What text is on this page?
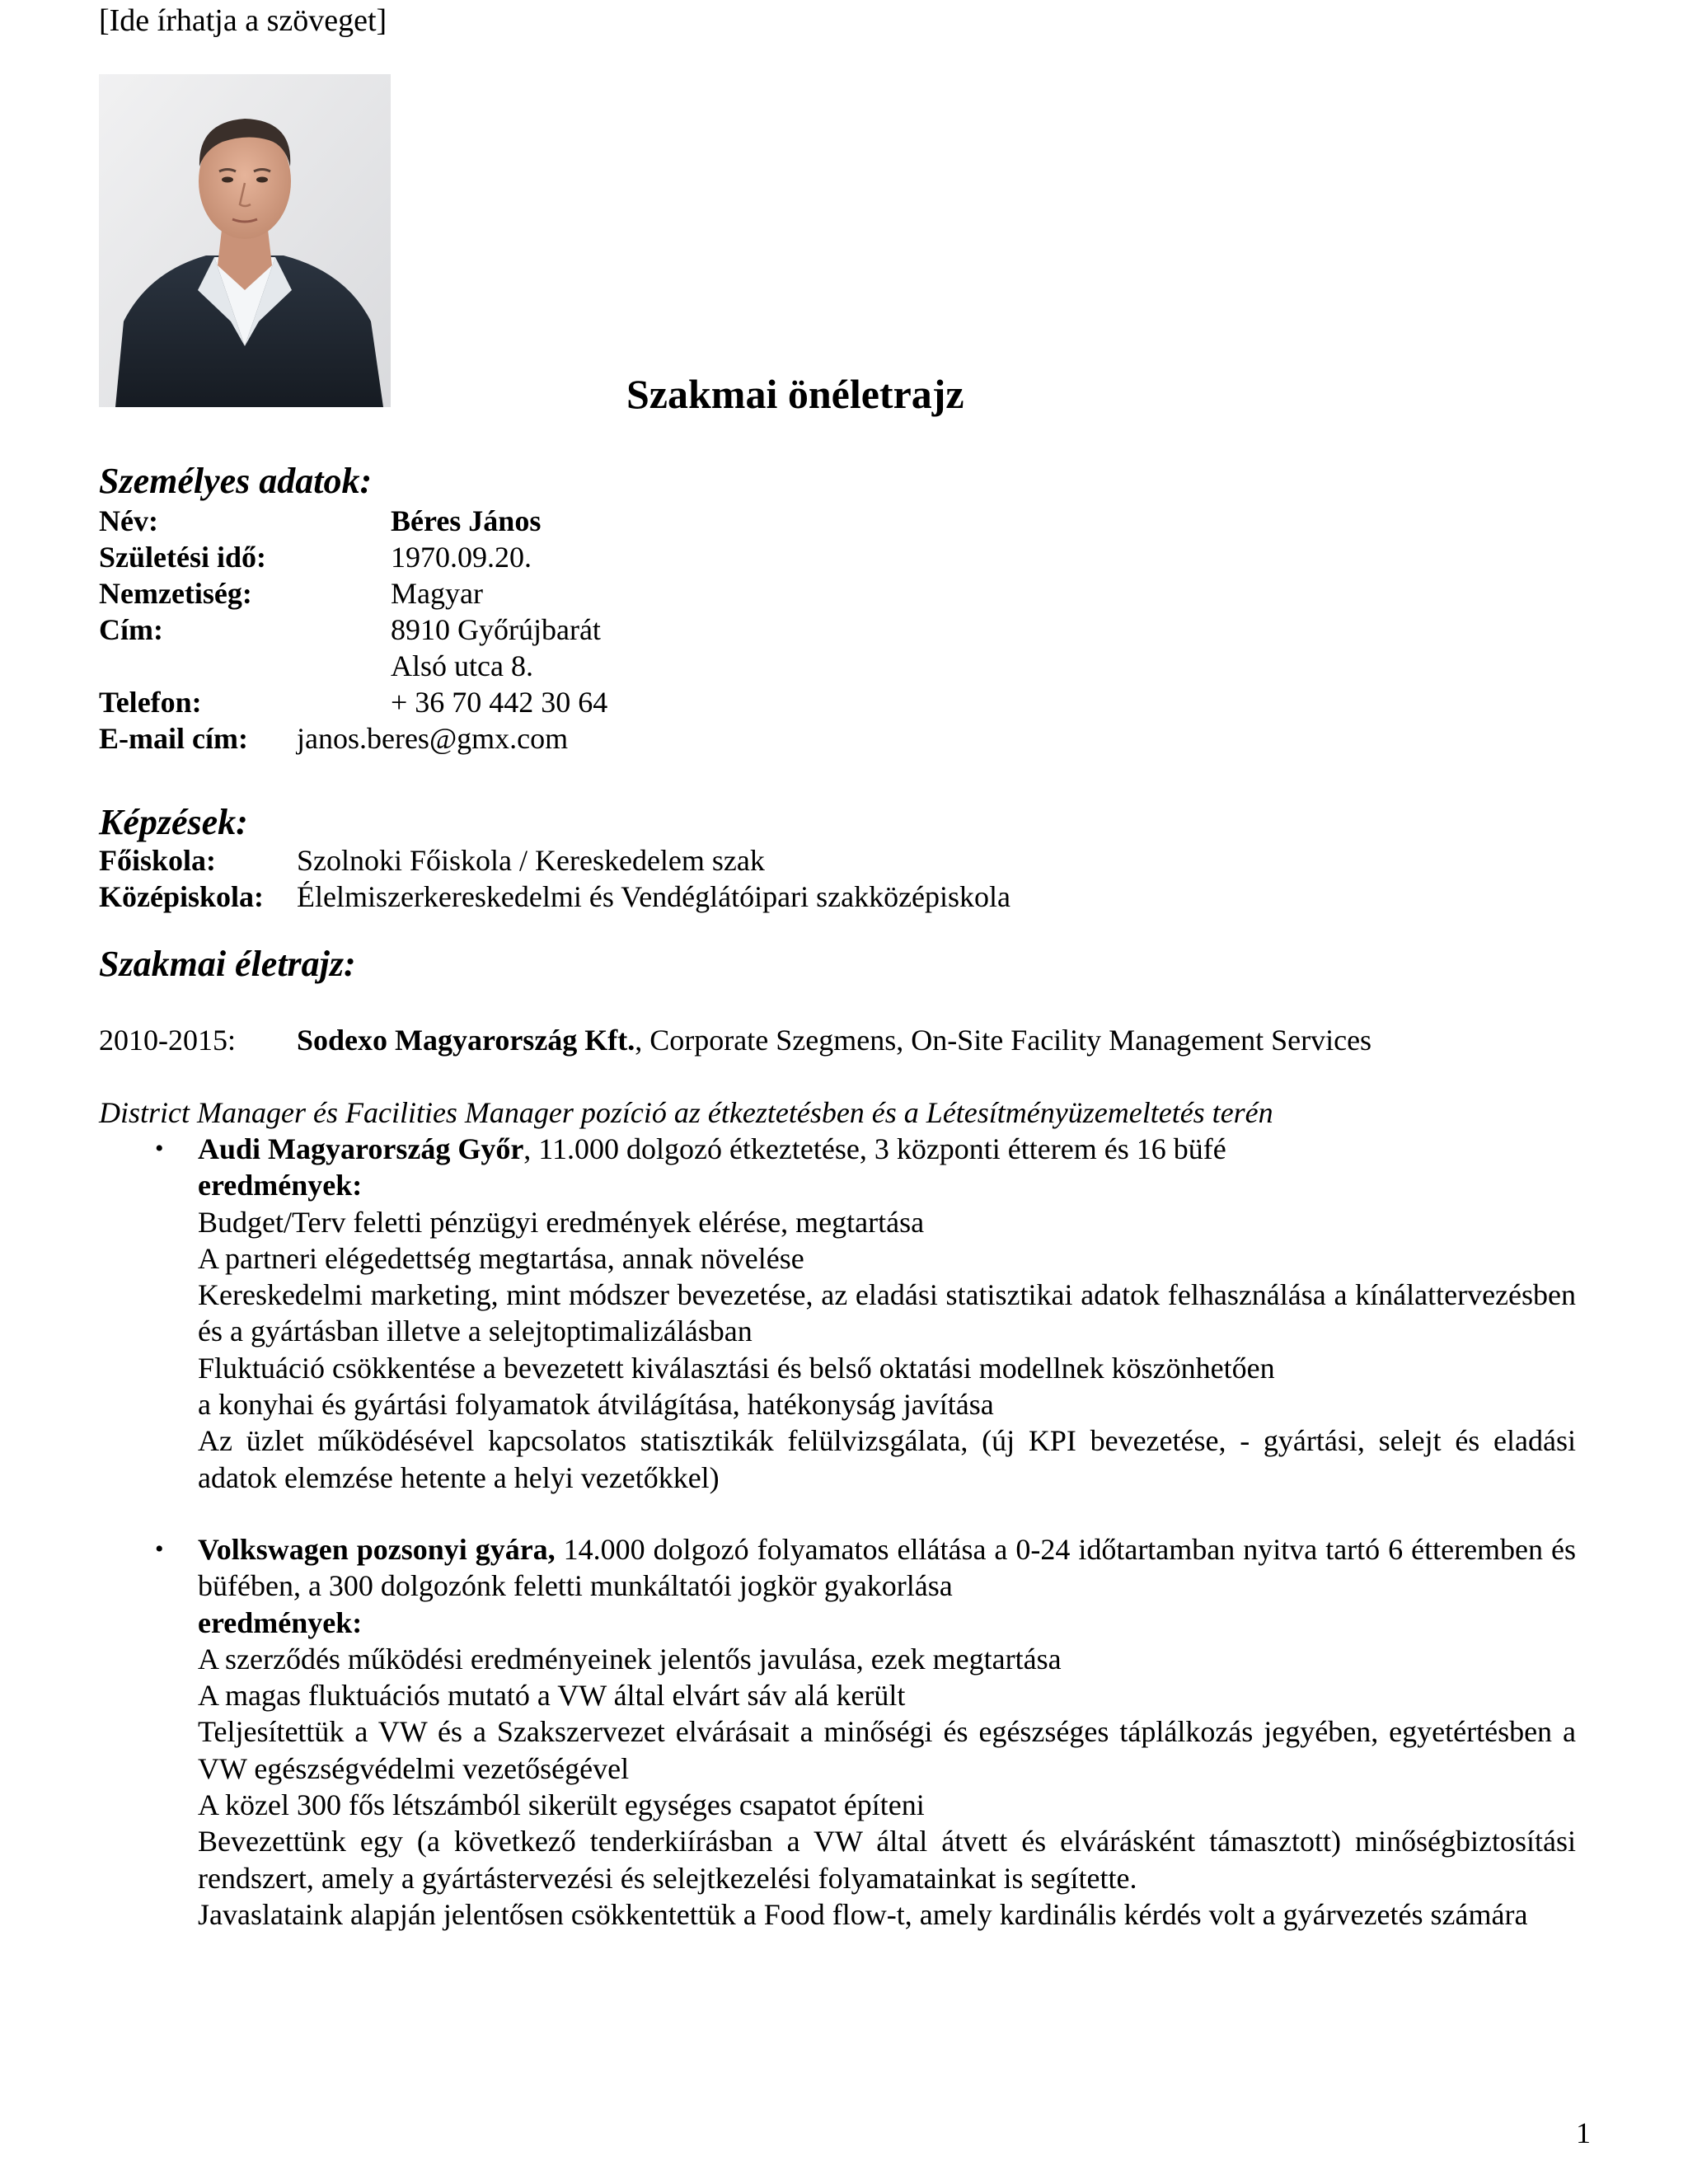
[Ide írhatja a szöveget]
Szakmai önéletrajz
Személyes adatok:
Név:	Béres János
Születési idő:	1970.09.20.
Nemzetiség:	Magyar
Cím:	8910 Győrújbarát
Alsó utca 8.
Telefon:	+ 36 70 442 30 64
E-mail cím: janos.beres@gmx.com
Képzések:
Főiskola:	Szolnoki Főiskola / Kereskedelem szak
Középiskola: Élelmiszerkereskedelmi és Vendéglátóipari szakközépiskola
Szakmai életrajz:
2010-2015: Sodexo Magyarország Kft., Corporate Szegmens, On-Site Facility Management Services
District Manager és Facilities Manager pozíció az étkeztetésben és a Létesítményüzemeltetés terén
• Audi Magyarország Győr, 11.000 dolgozó étkeztetése, 3 központi étterem és 16 büfé
eredmények:
Budget/Terv feletti pénzügyi eredmények elérése, megtartása
A partneri elégedettség megtartása, annak növelése
Kereskedelmi marketing, mint módszer bevezetése, az eladási statisztikai adatok felhasználása a kínálattervezésben és a gyártásban illetve a selejtoptimalizálásban
Fluktuáció csökkentése a bevezetett kiválasztási és belső oktatási modellnek köszönhetően
a konyhai és gyártási folyamatok átvilágítása, hatékonyság javítása
Az üzlet működésével kapcsolatos statisztikák felülvizsgálata, (új KPI bevezetése, - gyártási, selejt és eladási adatok elemzése hetente a helyi vezetőkkel)
• Volkswagen pozsonyi gyára, 14.000 dolgozó folyamatos ellátása a 0-24 időtartamban nyitva tartó 6 étteremben és büfében, a 300 dolgozónk feletti munkáltatói jogkör gyakorlása
eredmények:
A szerződés működési eredményeinek jelentős javulása, ezek megtartása
A magas fluktuációs mutató a VW által elvárt sáv alá került
Teljesítettük a VW és a Szakszervezet elvárásait a minőségi és egészséges táplálkozás jegyében, egyetértésben a VW egészségvédelmi vezetőségével
A közel 300 fős létszámból sikerült egységes csapatot építeni
Bevezettünk egy (a következő tenderkiírásban a VW által átvett és elvárásként támasztott) minőségbiztosítási rendszert, amely a gyártástervezési és selejtkezelési folyamatainkat is segítette.
Javaslataink alapján jelentősen csökkentettük a Food flow-t, amely kardinális kérdés volt a gyárvezetés számára
1
